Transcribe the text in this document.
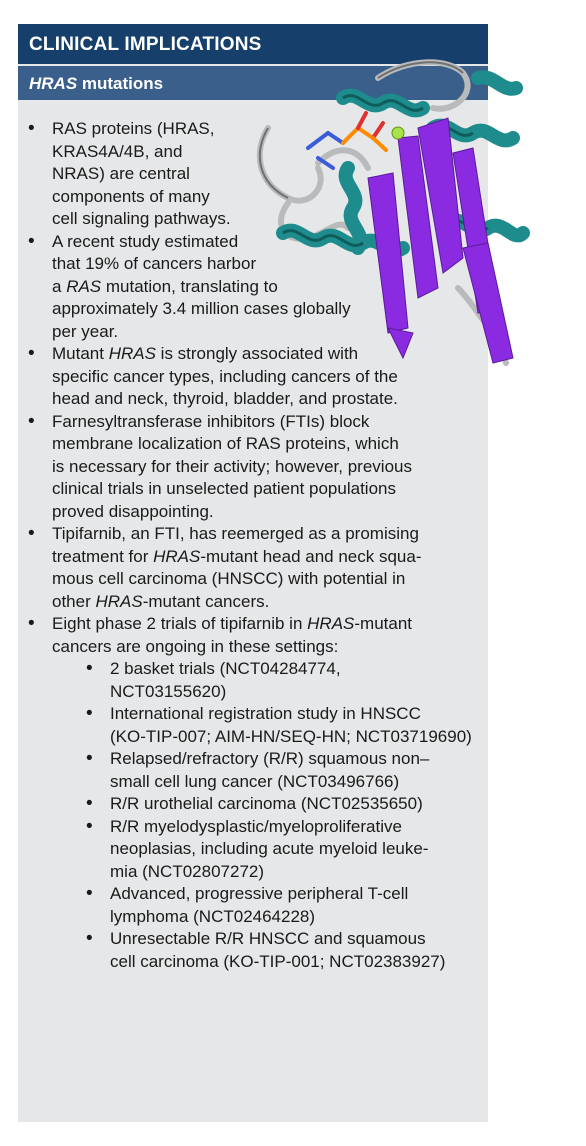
CLINICAL IMPLICATIONS
HRAS mutations
• RAS proteins (HRAS,
KRAS4A/4B, and
NRAS) are central
components of many
cell signaling pathways.
• A recent study estimated
that 19% of cancers harbor
a RAS mutation, translating to
approximately 3.4 million cases globally
per year.
• Mutant HRAS is strongly associated with
specific cancer types, including cancers of the
head and neck, thyroid, bladder, and prostate.
• Farnesyltransferase inhibitors (FTIs) block
membrane localization of RAS proteins, which
is necessary for their activity; however, previous
clinical trials in unselected patient populations
proved disappointing.
• Tipifarnib, an FTI, has reemerged as a promising
treatment for HRAS-mutant head and neck squa-
mous cell carcinoma (HNSCC) with potential in
other HRAS-mutant cancers.
• Eight phase 2 trials of tipifarnib in HRAS-mutant
cancers are ongoing in these settings:
• 2 basket trials (NCT04284774,
NCT03155620)
• International registration study in HNSCC
(KO-TIP-007; AIM-HN/SEQ-HN; NCT03719690)
• Relapsed/refractory (R/R) squamous non–
small cell lung cancer (NCT03496766)
• R/R urothelial carcinoma (NCT02535650)
• R/R myelodysplastic/myeloproliferative
neoplasias, including acute myeloid leuke-
mia (NCT02807272)
• Advanced, progressive peripheral T-cell
lymphoma (NCT02464228)
• Unresectable R/R HNSCC and squamous
cell carcinoma (KO-TIP-001; NCT02383927)
